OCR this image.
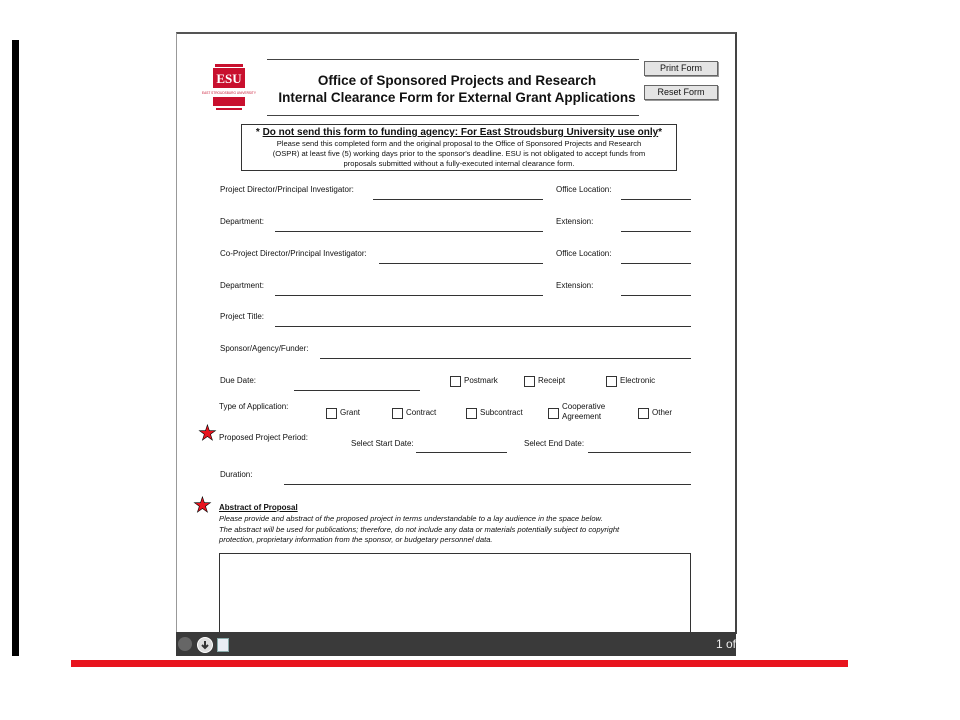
ESU
EAST STROUDSBURG UNIVERSITY
Office of Sponsored Projects and Research
Internal Clearance Form for External Grant Applications
Print Form
Reset Form
* Do not send this form to funding agency: For East Stroudsburg University use only*
Please send this completed form and the original proposal to the Office of Sponsored Projects and Research
(OSPR) at least five (5) working days prior to the sponsor's deadline. ESU is not obligated to accept funds from
proposals submitted without a fully-executed internal clearance form.
Project Director/Principal Investigator:	Office Location:
Department:	Extension:
Co-Project Director/Principal Investigator:	Office Location:
Department:	Extension:
Project Title:
Sponsor/Agency/Funder:
Due Date:	Postmark	Receipt	Electronic
Type of Application:
Grant	Contract	Subcontract
Cooperative Agreement	Other
★ Proposed Project Period:
Select Start Date:	Select End Date:
Duration:
★ Abstract of Proposal
Please provide and abstract of the proposed project in terms understandable to a lay audience in the space below.
The abstract will be used for publications; therefore, do not include any data or materials potentially subject to copyright
protection, proprietary information from the sponsor, or budgetary personnel data.
1 of
